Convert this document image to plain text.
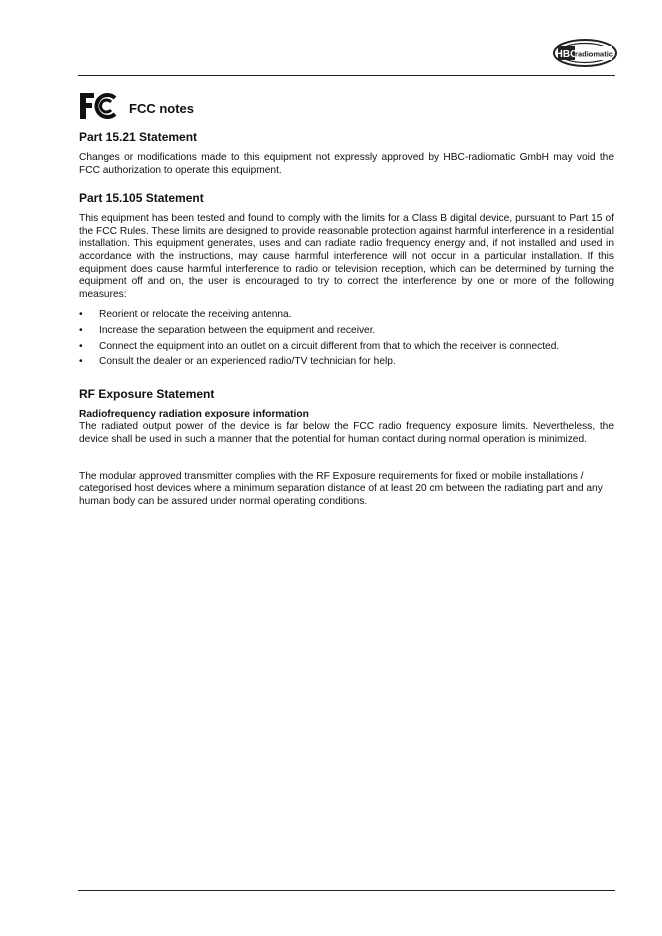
HBC
radiomatic
FCC notes
Part 15.21 Statement

Changes or modifications made to this equipment not expressly approved by HBC-radiomatic GmbH may void the FCC authorization to operate this equipment.

Part 15.105 Statement

This equipment has been tested and found to comply with the limits for a Class B digital device, pursuant to Part 15 of the FCC Rules. These limits are designed to provide reasonable protection against harmful interference in a residential installation. This equipment generates, uses and can radiate radio frequency energy and, if not installed and used in accordance with the instructions, may cause harmful interference will not occur in a particular installation. If this equipment does cause harmful interference to radio or television reception, which can be determined by turning the equipment off and on, the user is encouraged to try to correct the interference by one or more of the following measures:

• Reorient or relocate the receiving antenna.
• Increase the separation between the equipment and receiver.
• Connect the equipment into an outlet on a circuit different from that to which the receiver is connected.
• Consult the dealer or an experienced radio/TV technician for help.
RF Exposure Statement
Radiofrequency radiation exposure information

The radiated output power of the device is far below the FCC radio frequency exposure limits. Nevertheless, the device shall be used in such a manner that the potential for human contact during normal operation is minimized.

The modular approved transmitter complies with the RF Exposure requirements for fixed or mobile installations / categorised host devices where a minimum separation distance of at least 20 cm between the radiating part and any human body can be assured under normal operating conditions.
